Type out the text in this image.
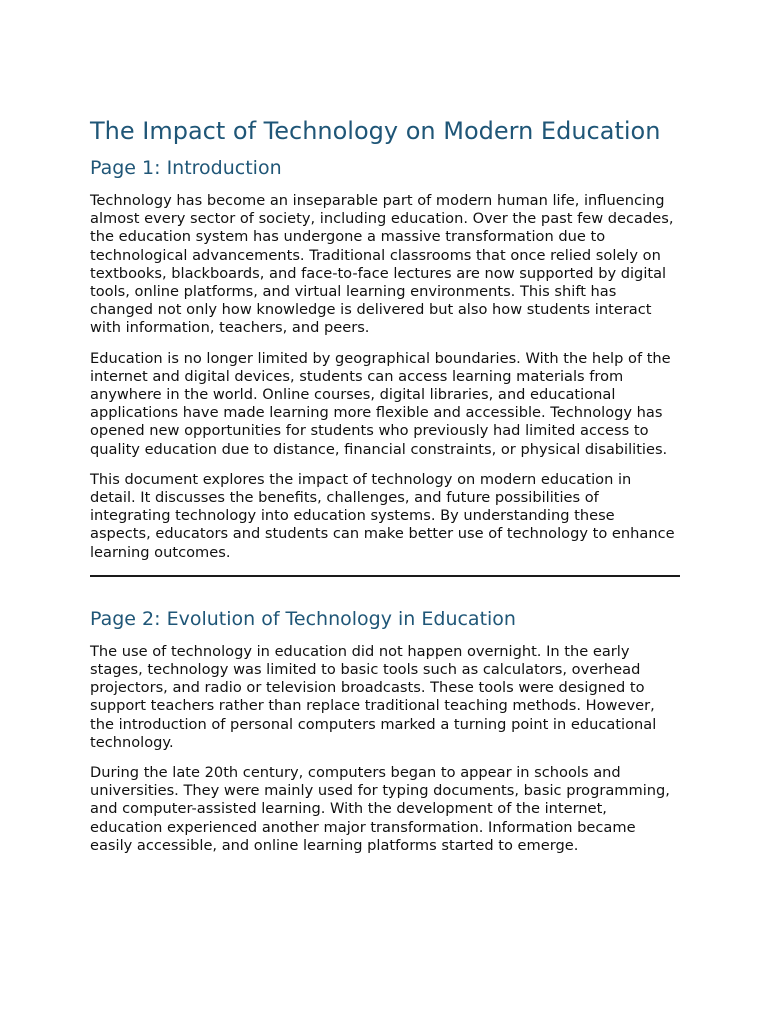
The Impact of Technology on Modern Education
Page 1: Introduction

Technology has become an inseparable part of modern human life, influencing almost every sector of society, including education. Over the past few decades, the education system has undergone a massive transformation due to technological advancements. Traditional classrooms that once relied solely on textbooks, blackboards, and face-to-face lectures are now supported by digital tools, online platforms, and virtual learning environments. This shift has changed not only how knowledge is delivered but also how students interact with information, teachers, and peers.

Education is no longer limited by geographical boundaries. With the help of the internet and digital devices, students can access learning materials from anywhere in the world. Online courses, digital libraries, and educational applications have made learning more flexible and accessible. Technology has opened new opportunities for students who previously had limited access to quality education due to distance, financial constraints, or physical disabilities.

This document explores the impact of technology on modern education in detail. It discusses the benefits, challenges, and future possibilities of integrating technology into education systems. By understanding these aspects, educators and students can make better use of technology to enhance learning outcomes.

Page 2: Evolution of Technology in Education

The use of technology in education did not happen overnight. In the early stages, technology was limited to basic tools such as calculators, overhead projectors, and radio or television broadcasts. These tools were designed to support teachers rather than replace traditional teaching methods. However, the introduction of personal computers marked a turning point in educational technology.

During the late 20th century, computers began to appear in schools and universities. They were mainly used for typing documents, basic programming, and computer-assisted learning. With the development of the internet, education experienced another major transformation. Information became easily accessible, and online learning platforms started to emerge.
